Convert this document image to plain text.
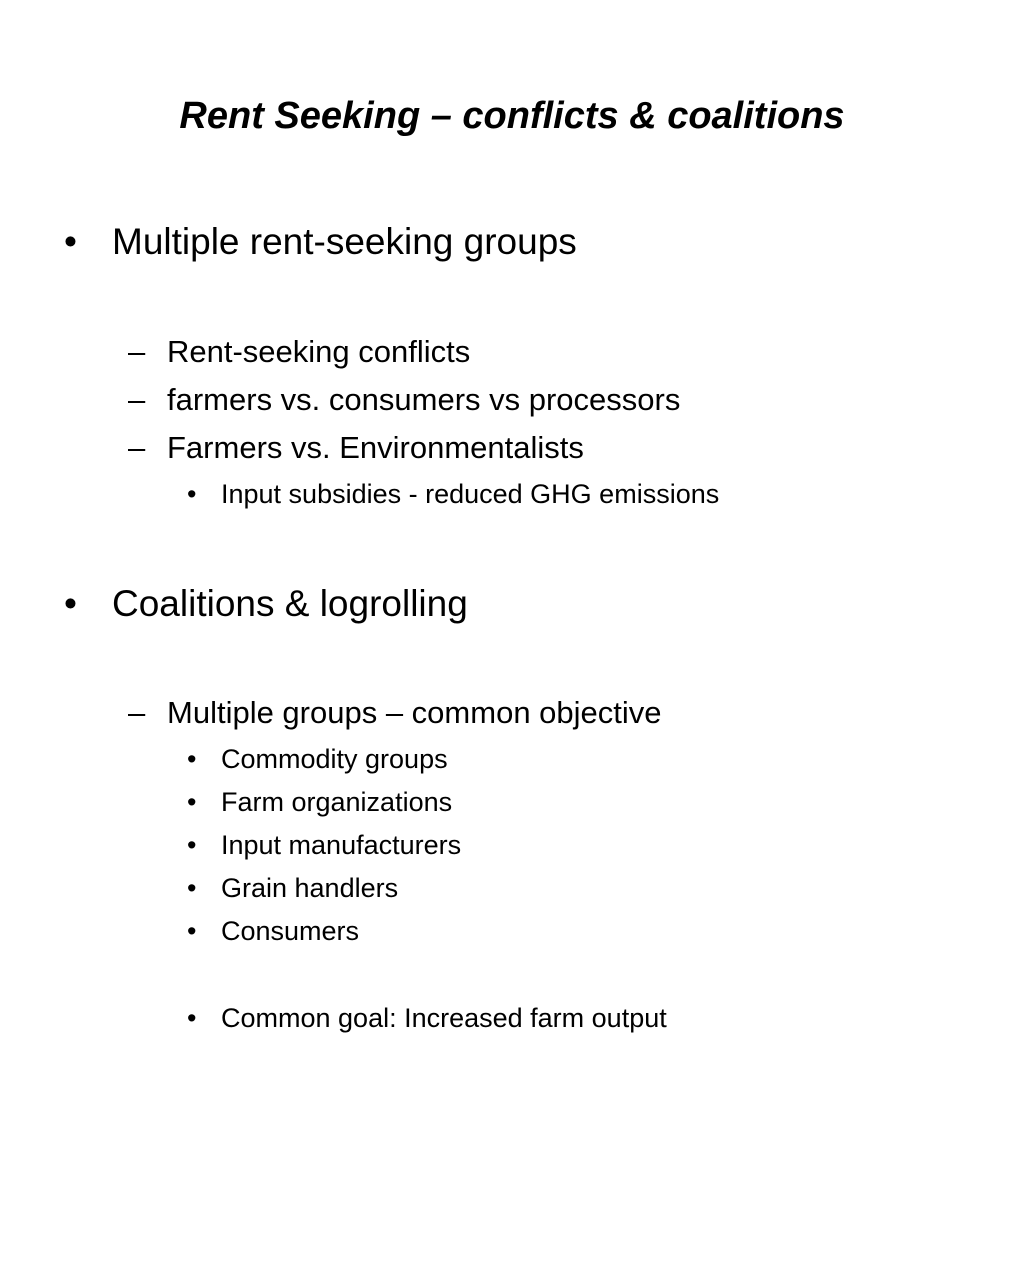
Rent Seeking – conflicts & coalitions
• Multiple rent-seeking groups
– Rent-seeking conflicts
– farmers vs. consumers vs processors
– Farmers vs. Environmentalists
• Input subsidies - reduced GHG emissions
• Coalitions & logrolling
– Multiple groups – common objective
• Commodity groups
• Farm organizations
• Input manufacturers
• Grain handlers
• Consumers
• Common goal: Increased farm output
